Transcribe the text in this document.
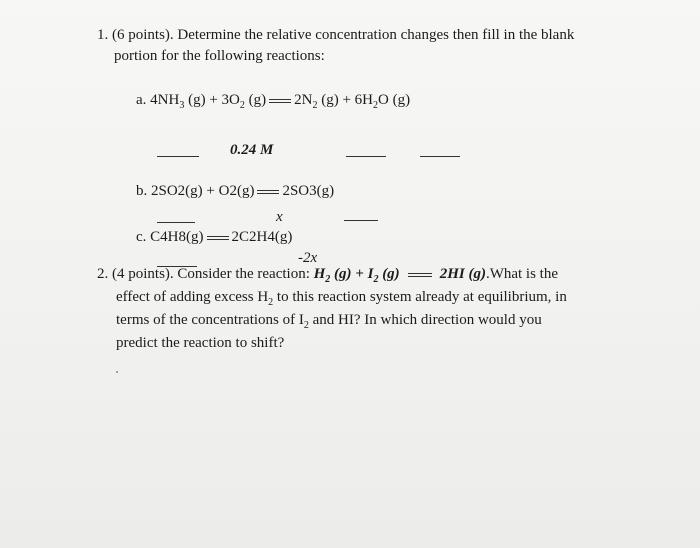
1. (6 points). Determine the relative concentration changes then fill in the blank
portion for the following reactions:
a. $4NH_3$ $(g) + 3O_2$ (g) $2N_2$ $(g) + 6H_2O$ (g)
0.24 M
b. 2SO2(g) + O2(g) 2SO3(g)
x
c. C4H8(g) 2C2H4(g)
-2x
2. (4 points). Consider the reaction: $H_2$ $(g) + I_2$ (g)	2HI (g).What is the
effect of adding excess $H_2$ to this reaction system already at equilibrium, in
terms of the concentrations of $I_2$ and HI? In which direction would you
predict the reaction to shift?
